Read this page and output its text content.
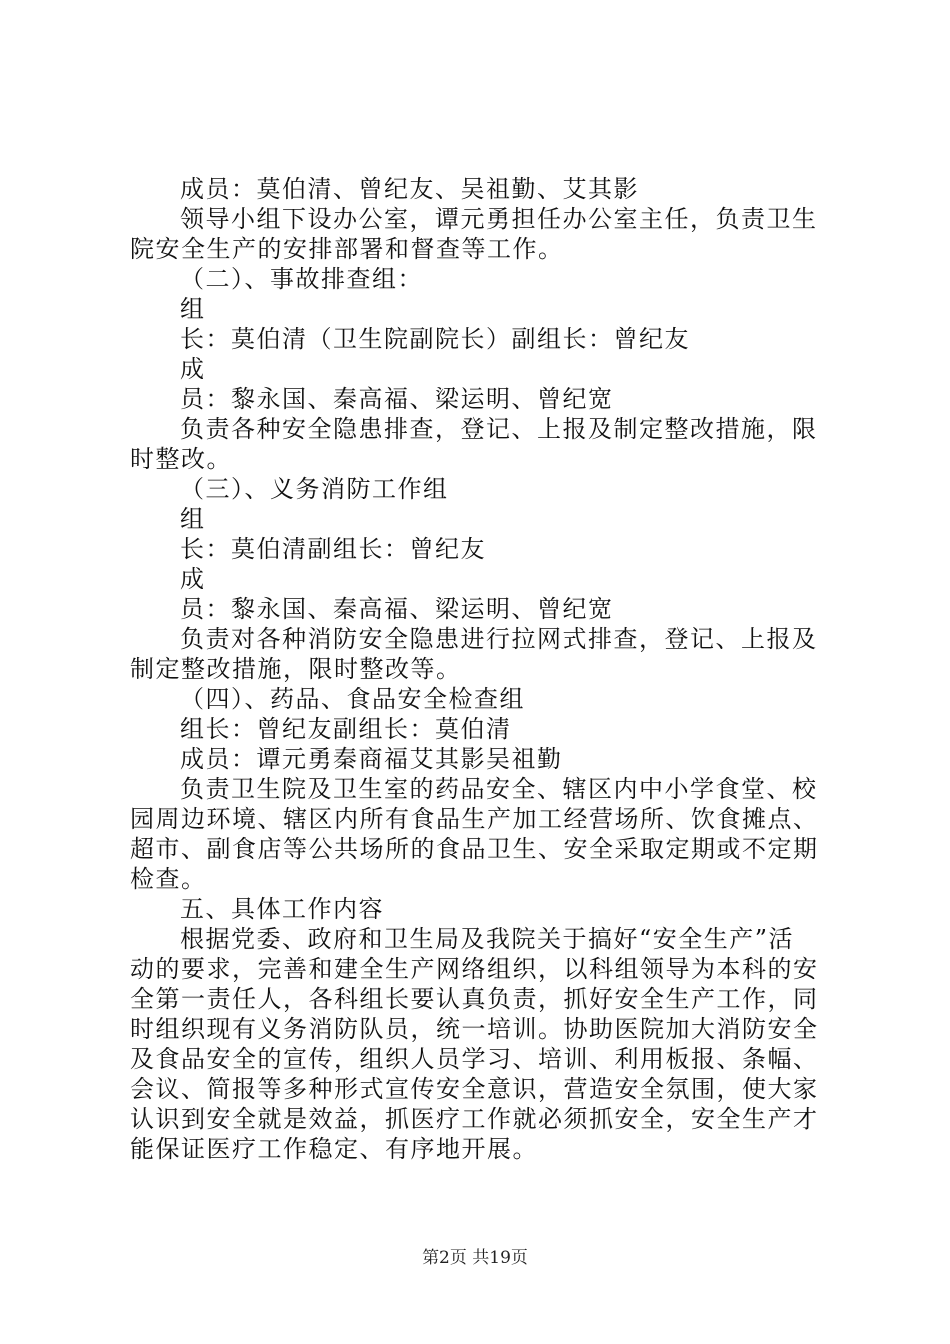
成员：莫伯清、曾纪友、吴祖勤、艾其影
领导小组下设办公室，谭元勇担任办公室主任，负责卫生
院安全生产的安排部署和督查等工作。
（二）、事故排查组：
组
长：莫伯清（卫生院副院长）副组长：曾纪友
成
员：黎永国、秦高福、梁运明、曾纪宽
负责各种安全隐患排查，登记、上报及制定整改措施，限
时整改。
（三）、义务消防工作组
组
长：莫伯清副组长：曾纪友
成
员：黎永国、秦高福、梁运明、曾纪宽
负责对各种消防安全隐患进行拉网式排查，登记、上报及
制定整改措施，限时整改等。
（四）、药品、食品安全检查组
组长：曾纪友副组长：莫伯清
成员：谭元勇秦商福艾其影吴祖勤
负责卫生院及卫生室的药品安全、辖区内中小学食堂、校
园周边环境、辖区内所有食品生产加工经营场所、饮食摊点、
超市、副食店等公共场所的食品卫生、安全采取定期或不定期
检查。
五、具体工作内容
根据党委、政府和卫生局及我院关于搞好“安全生产”活
动的要求，完善和建全生产网络组织，以科组领导为本科的安
全第一责任人，各科组长要认真负责，抓好安全生产工作，同
时组织现有义务消防队员，统一培训。协助医院加大消防安全
及食品安全的宣传，组织人员学习、培训、利用板报、条幅、
会议、简报等多种形式宣传安全意识，营造安全氛围，使大家
认识到安全就是效益，抓医疗工作就必须抓安全，安全生产才
能保证医疗工作稳定、有序地开展。
第2页 共19页
